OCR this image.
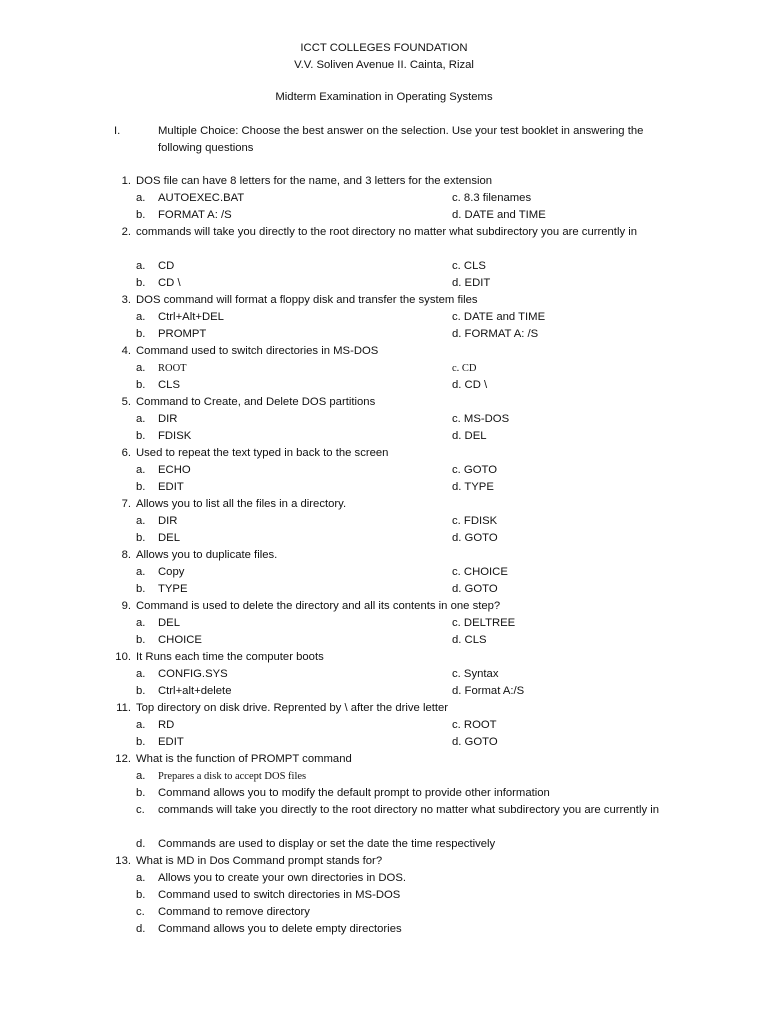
ICCT COLLEGES FOUNDATION
V.V. Soliven Avenue II. Cainta, Rizal
Midterm Examination in Operating Systems
I.	Multiple Choice: Choose the best answer on the selection. Use your test booklet in answering the following questions
1. DOS file can have 8 letters for the name, and 3 letters for the extension
a. AUTOEXEC.BAT	c. 8.3 filenames
b. FORMAT A: /S	d. DATE and TIME
2. commands will take you directly to the root directory no matter what subdirectory you are currently in
a. CD	c. CLS
b. CD \	d. EDIT
3. DOS command will format a floppy disk and transfer the system files
a. Ctrl+Alt+DEL	c. DATE and TIME
b. PROMPT	d. FORMAT A: /S
4. Command used to switch directories in MS-DOS
a. ROOT	c. CD
b. CLS	d. CD \
5. Command to Create, and Delete DOS partitions
a. DIR	c. MS-DOS
b. FDISK	d. DEL
6. Used to repeat the text typed in back to the screen
a. ECHO	c. GOTO
b. EDIT	d. TYPE
7. Allows you to list all the files in a directory.
a. DIR	c. FDISK
b. DEL	d. GOTO
8. Allows you to duplicate files.
a. Copy	c. CHOICE
b. TYPE	d. GOTO
9. Command is used to delete the directory and all its contents in one step?
a. DEL	c. DELTREE
b. CHOICE	d. CLS
10. It Runs each time the computer boots
a. CONFIG.SYS	c. Syntax
b. Ctrl+alt+delete	d. Format A:/S
11. Top directory on disk drive. Reprented by \ after the drive letter
a. RD	c. ROOT
b. EDIT	d. GOTO
12. What is the function of PROMPT command
a. Prepares a disk to accept DOS files
b. Command allows you to modify the default prompt to provide other information
c. commands will take you directly to the root directory no matter what subdirectory you are currently in
d. Commands are used to display or set the date the time respectively
13. What is MD in Dos Command prompt stands for?
a. Allows you to create your own directories in DOS.
b. Command used to switch directories in MS-DOS
c. Command to remove directory
d. Command allows you to delete empty directories
